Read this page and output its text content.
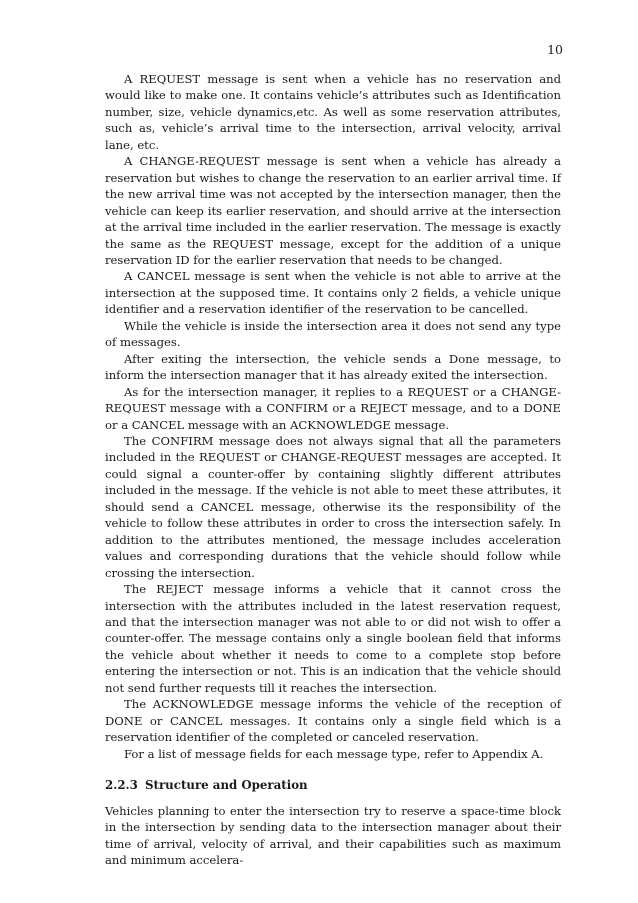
10

A REQUEST message is sent when a vehicle has no reservation and would like to make one. It contains vehicle’s attributes such as Identification number, size, vehicle dynamics,etc. As well as some reservation attributes, such as, vehicle’s arrival time to the intersection, arrival velocity, arrival lane, etc.

A CHANGE-REQUEST message is sent when a vehicle has already a reservation but wishes to change the reservation to an earlier arrival time. If the new arrival time was not accepted by the intersection manager, then the vehicle can keep its earlier reservation, and should arrive at the intersection at the arrival time included in the earlier reservation. The message is exactly the same as the REQUEST message, except for the addition of a unique reservation ID for the earlier reservation that needs to be changed.

A CANCEL message is sent when the vehicle is not able to arrive at the intersection at the supposed time. It contains only 2 fields, a vehicle unique identifier and a reservation identifier of the reservation to be cancelled.

While the vehicle is inside the intersection area it does not send any type of messages.

After exiting the intersection, the vehicle sends a Done message, to inform the intersection manager that it has already exited the intersection.

As for the intersection manager, it replies to a REQUEST or a CHANGE-REQUEST message with a CONFIRM or a REJECT message, and to a DONE or a CANCEL message with an ACKNOWLEDGE message.

The CONFIRM message does not always signal that all the parameters included in the REQUEST or CHANGE-REQUEST messages are accepted. It could signal a counter-offer by containing slightly different attributes included in the message. If the vehicle is not able to meet these attributes, it should send a CANCEL message, otherwise its the responsibility of the vehicle to follow these attributes in order to cross the intersection safely. In addition to the attributes mentioned, the message includes acceleration values and corresponding durations that the vehicle should follow while crossing the intersection.

The REJECT message informs a vehicle that it cannot cross the intersection with the attributes included in the latest reservation request, and that the intersection manager was not able to or did not wish to offer a counter-offer. The message contains only a single boolean field that informs the vehicle about whether it needs to come to a complete stop before entering the intersection or not. This is an indication that the vehicle should not send further requests till it reaches the intersection.

The ACKNOWLEDGE message informs the vehicle of the reception of DONE or CANCEL messages. It contains only a single field which is a reservation identifier of the completed or canceled reservation.

For a list of message fields for each message type, refer to Appendix A.

2.2.3 Structure and Operation

Vehicles planning to enter the intersection try to reserve a space-time block in the intersection by sending data to the intersection manager about their time of arrival, velocity of arrival, and their capabilities such as maximum and minimum accelera-
